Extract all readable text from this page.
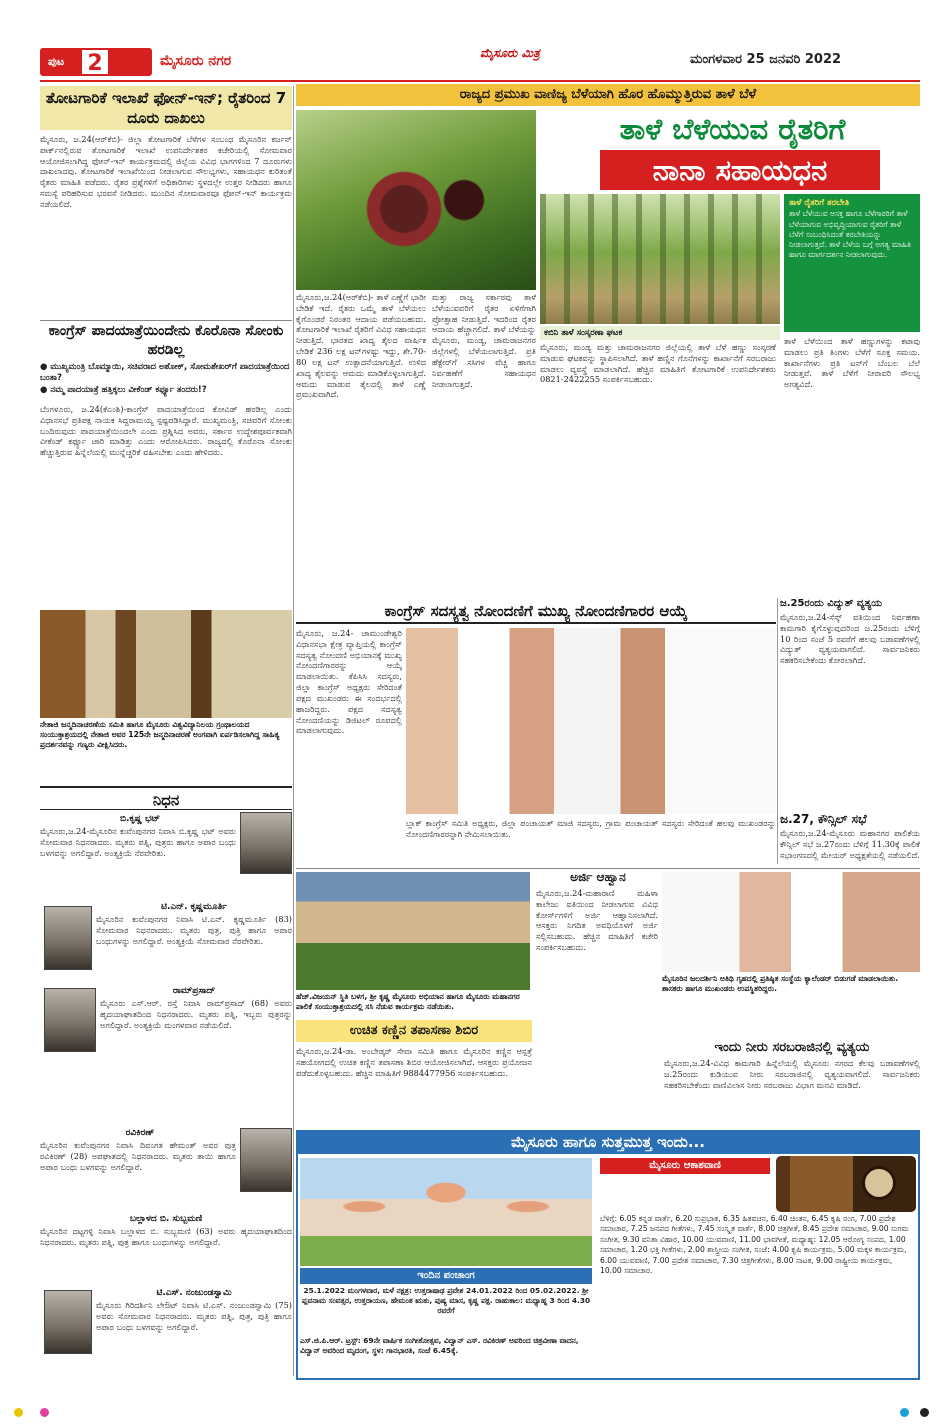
ಪುಟ	2	ಮೈಸೂರು ನಗರ	ಮೈಸೂರು ಮಿತ್ರ	ಮಂಗಳವಾರ 25 ಜನವರಿ 2022
ರಾಜ್ಯದ ಪ್ರಮುಖ ವಾಣಿಜ್ಯ ಬೆಳೆಯಾಗಿ ಹೊರ ಹೊಮ್ಮುತ್ತಿರುವ ತಾಳೆ ಬೆಳೆ
ತಾಳೆ ಬೆಳೆಯುವ ರೈತರಿಗೆ
ನಾನಾ ಸಹಾಯಧನ
ಕಬಿನಿ ತಾಳೆ ಸಂಸ್ಕರಣಾ ಘಟಕ
ತಾಳೆ ರೈತರಿಗೆ ತರಬೇತಿ
ತಾಳೆ ಬೆಳೆಯುವ ಆಸಕ್ತ ಹಾಗೂ ಬೆಳೆಗಾರರಿಗೆ ತಾಳೆ ಬೆಳೆಯಾಗುವ ಅಭಿವೃದ್ಧಿಯಾಗುವ ರೈತರಿಗೆ ತಾಳೆ ಬೆಳೆಗೆ ಸಂಬಂಧಿಸಿದಂತೆ ತರಬೇತಿಯನ್ನು ನೀಡಲಾಗುತ್ತದೆ. ತಾಳೆ ಬೆಳೆಯ ಬಗ್ಗೆ ಅಗತ್ಯ ಮಾಹಿತಿ ಹಾಗೂ ಮಾರ್ಗದರ್ಶನ ನೀಡಲಾಗುವುದು.
ಮೈಸೂರು,ಜ.24(ಆರ್‌ಕೆಬಿ)- ತಾಳೆ ಎಣ್ಣೆಗೆ ಭಾರೀ ಬೇಡಿಕೆ ಇದೆ. ರೈತರು ಒಮ್ಮೆ ತಾಳೆ ಬೆಳೆಯಲು ಕೈಗೊಂಡರೆ ನಿರಂತರ ಆದಾಯ ಪಡೆಯಬಹುದು. ತೋಟಗಾರಿಕೆ ಇಲಾಖೆ ರೈತರಿಗೆ ವಿವಿಧ ಸಹಾಯಧನ ನೀಡುತ್ತಿದೆ. ಭಾರತದ ಖಾದ್ಯ ತೈಲದ ವಾರ್ಷಿಕ ಬೇಡಿಕೆ 236 ಲಕ್ಷ ಟನ್‌ಗಳಷ್ಟು ಇದ್ದು, ಶೇ.70-80 ಲಕ್ಷ ಟನ್ ಉತ್ಪಾದನೆಯಾಗುತ್ತಿದೆ. ಉಳಿದ ಖಾದ್ಯ ತೈಲವನ್ನು ಆಮದು ಮಾಡಿಕೊಳ್ಳಲಾಗುತ್ತಿದೆ. ಆಮದು ಮಾಡುವ ತೈಲದಲ್ಲಿ ತಾಳೆ ಎಣ್ಣೆ ಪ್ರಮುಖವಾಗಿದೆ.
ಮತ್ತು ರಾಜ್ಯ ಸರ್ಕಾರವು ತಾಳೆ ಬೆಳೆಯುವವರಿಗೆ ರೈತರ ಏಳಿಗೆಗಾಗಿ ಪ್ರೋತ್ಸಾಹ ನೀಡುತ್ತಿದೆ. ಇದರಿಂದ ರೈತರ ಆದಾಯ ಹೆಚ್ಚಾಗಲಿದೆ. ತಾಳೆ ಬೆಳೆಯನ್ನು ಮೈಸೂರು, ಮಂಡ್ಯ, ಚಾಮರಾಜನಗರ ಜಿಲ್ಲೆಗಳಲ್ಲಿ ಬೆಳೆಯಲಾಗುತ್ತಿದೆ. ಪ್ರತಿ ಹೆಕ್ಟೇರ್‌ಗೆ ಸಸಿಗಳ ವೆಚ್ಚ ಹಾಗೂ ನಿರ್ವಹಣೆಗೆ ಸಹಾಯಧನ ನೀಡಲಾಗುತ್ತದೆ.
ಮೈಸೂರು, ಮಂಡ್ಯ ಮತ್ತು ಚಾಮರಾಜನಗರ ಜಿಲ್ಲೆಯಲ್ಲಿ ತಾಳೆ ಬೆಳೆ ಹಣ್ಣು ಸಂಸ್ಕರಣೆ ಮಾಡುವ ಘಟಕವನ್ನು ಸ್ಥಾಪಿಸಲಾಗಿದೆ. ತಾಳೆ ಹಣ್ಣಿನ ಗೊನೆಗಳನ್ನು ಕಾರ್ಖಾನೆಗೆ ಸರಬರಾಜು ಮಾಡಲು ವ್ಯವಸ್ಥೆ ಮಾಡಲಾಗಿದೆ. ಹೆಚ್ಚಿನ ಮಾಹಿತಿಗೆ ತೋಟಗಾರಿಕೆ ಉಪನಿರ್ದೇಶಕರು 0821-2422255 ಸಂಪರ್ಕಿಸಬಹುದು.
ತಾಳೆ ಬೆಳೆಯಿಂದ ತಾಳೆ ಹಣ್ಣುಗಳನ್ನು ಕಟಾವು ಮಾಡಲು ಪ್ರತಿ ತಿಂಗಳು ಬೆಳೆಗೆ ಸೂಕ್ತ ಸಮಯ. ಕಾರ್ಖಾನೆಗಳು ಪ್ರತಿ ಟನ್‌ಗೆ ಬೆಂಬಲ ಬೆಲೆ ನೀಡುತ್ತವೆ. ತಾಳೆ ಬೆಳೆಗೆ ನೀರಾವರಿ ಸೌಲಭ್ಯ ಅಗತ್ಯವಿದೆ.
ತೋಟಗಾರಿಕೆ ಇಲಾಖೆ ಫೋನ್-ಇನ್; ರೈತರಿಂದ 7 ದೂರು ದಾಖಲು
ಮೈಸೂರು, ಜ.24(ಆರ್‌ಕೆಬಿ)- ಜಿಲ್ಲಾ ತೋಟಗಾರಿಕೆ ಬೆಳೆಗಳ ಸಂಬಂಧ ಮೈಸೂರಿನ ಕರ್ಜನ್ ಪಾರ್ಕ್‌ನಲ್ಲಿರುವ ತೋಟಗಾರಿಕೆ ಇಲಾಖೆ ಉಪನಿರ್ದೇಶಕರ ಕಚೇರಿಯಲ್ಲಿ ಸೋಮವಾರ ಆಯೋಜಿಸಲಾಗಿದ್ದ ಫೋನ್-ಇನ್ ಕಾರ್ಯಕ್ರಮದಲ್ಲಿ ಜಿಲ್ಲೆಯ ವಿವಿಧ ಭಾಗಗಳಿಂದ 7 ದೂರುಗಳು ದಾಖಲಾದವು. ತೋಟಗಾರಿಕೆ ಇಲಾಖೆಯಿಂದ ನೀಡಲಾಗುವ ಸೌಲಭ್ಯಗಳು, ಸಹಾಯಧನ ಕುರಿತಂತೆ ರೈತರು ಮಾಹಿತಿ ಪಡೆದರು. ರೈತರ ಪ್ರಶ್ನೆಗಳಿಗೆ ಅಧಿಕಾರಿಗಳು ಸ್ಥಳದಲ್ಲೇ ಉತ್ತರ ನೀಡಿದರು ಹಾಗೂ ಸಮಸ್ಯೆ ಪರಿಹರಿಸುವ ಭರವಸೆ ನೀಡಿದರು. ಮುಂದಿನ ಸೋಮವಾರವೂ ಫೋನ್-ಇನ್ ಕಾರ್ಯಕ್ರಮ ನಡೆಯಲಿದೆ.
ಕಾಂಗ್ರೆಸ್ ಪಾದಯಾತ್ರೆಯಿಂದೇನು ಕೊರೊನಾ ಸೋಂಕು ಹರಡಿಲ್ಲ
● ಮುಖ್ಯಮಂತ್ರಿ ಬೊಮ್ಮಾಯಿ, ಸಚಿವರಾದ ಅಶೋಕ್, ಸೋಮಶೇಖರ್‌ಗೆ ಪಾದಯಾತ್ರೆಯಿಂದ ಬಂತಾ?
● ನಮ್ಮ ಪಾದಯಾತ್ರೆ ಹತ್ತಿಕ್ಕಲು ವೀಕೆಂಡ್ ಕರ್ಫ್ಯೂ ತಂದರು!?
ಬೆಂಗಳೂರು, ಜ.24(ಕೆಎಂಶಿ)-ಕಾಂಗ್ರೆಸ್ ಪಾದಯಾತ್ರೆಯಿಂದ ಕೋವಿಡ್ ಹರಡಿಲ್ಲ ಎಂದು ವಿಧಾನಸಭೆ ಪ್ರತಿಪಕ್ಷ ನಾಯಕ ಸಿದ್ದರಾಮಯ್ಯ ಸ್ಪಷ್ಟಪಡಿಸಿದ್ದಾರೆ. ಮುಖ್ಯಮಂತ್ರಿ, ಸಚಿವರಿಗೆ ಸೋಂಕು ಬಂದಿರುವುದು ಪಾದಯಾತ್ರೆಯಿಂದಲೇ ಎಂದು ಪ್ರಶ್ನಿಸಿದ ಅವರು, ಸರ್ಕಾರ ಉದ್ದೇಶಪೂರ್ವಕವಾಗಿ ವೀಕೆಂಡ್ ಕರ್ಫ್ಯೂ ಜಾರಿ ಮಾಡಿತ್ತು ಎಂದು ಆರೋಪಿಸಿದರು. ರಾಜ್ಯದಲ್ಲಿ ಕೊರೊನಾ ಸೋಂಕು ಹೆಚ್ಚುತ್ತಿರುವ ಹಿನ್ನೆಲೆಯಲ್ಲಿ ಮುನ್ನೆಚ್ಚರಿಕೆ ವಹಿಸಬೇಕು ಎಂದು ಹೇಳಿದರು.
ನೇತಾಜಿ ಜನ್ಮದಿನಾಚರಣೆಯ ಸಮಿತಿ ಹಾಗೂ ಮೈಸೂರು ವಿಶ್ವವಿದ್ಯಾನಿಲಯ ಗ್ರಂಥಾಲಯದ ಸಂಯುಕ್ತಾಶ್ರಯದಲ್ಲಿ ನೇತಾಜಿ ಅವರ 125ನೇ ಜನ್ಮದಿನಾಚರಣೆ ಅಂಗವಾಗಿ ಏರ್ಪಡಿಸಲಾಗಿದ್ದ ಸಾಹಿತ್ಯ ಪ್ರದರ್ಶನವನ್ನು ಗಣ್ಯರು ವೀಕ್ಷಿಸಿದರು.
ನಿಧನ
ಬಿ.ಕೃಷ್ಣ ಭಟ್
ಮೈಸೂರು,ಜ.24-ಮೈಸೂರಿನ ಕುವೆಂಪುನಗರ ನಿವಾಸಿ ಬಿ.ಕೃಷ್ಣ ಭಟ್ ಅವರು ಸೋಮವಾರ ನಿಧನರಾದರು. ಮೃತರು ಪತ್ನಿ, ಪುತ್ರರು ಹಾಗೂ ಅಪಾರ ಬಂಧು ಬಳಗವನ್ನು ಅಗಲಿದ್ದಾರೆ. ಅಂತ್ಯಕ್ರಿಯೆ ನೆರವೇರಿತು.
ಟಿ.ಎನ್. ಕೃಷ್ಣಮೂರ್ತಿ
ಮೈಸೂರಿನ ಕುವೆಂಪುನಗರ ನಿವಾಸಿ ಟಿ.ಎನ್. ಕೃಷ್ಣಮೂರ್ತಿ (83) ಸೋಮವಾರ ನಿಧನರಾದರು. ಮೃತರು ಪುತ್ರ, ಪುತ್ರಿ ಹಾಗೂ ಅಪಾರ ಬಂಧುಗಳನ್ನು ಅಗಲಿದ್ದಾರೆ. ಅಂತ್ಯಕ್ರಿಯೆ ಸೋಮವಾರ ನೆರವೇರಿತು.
ರಾಮ್‌ಪ್ರಸಾದ್
ಮೈಸೂರು ಎಸ್.ಆರ್. ರಸ್ತೆ ನಿವಾಸಿ ರಾಮ್‌ಪ್ರಸಾದ್ (68) ಅವರು ಹೃದಯಾಘಾತದಿಂದ ನಿಧನರಾದರು. ಮೃತರು ಪತ್ನಿ, ಇಬ್ಬರು ಪುತ್ರರನ್ನು ಅಗಲಿದ್ದಾರೆ. ಅಂತ್ಯಕ್ರಿಯೆ ಮಂಗಳವಾರ ನಡೆಯಲಿದೆ.
ರವಿಕಿರಣ್
ಮೈಸೂರಿನ ಕುವೆಂಪುನಗರ ನಿವಾಸಿ ದಿವಂಗತ ಹೇಮಂತ್ ಅವರ ಪುತ್ರ ರವಿಕಿರಣ್ (28) ಅಪಘಾತದಲ್ಲಿ ನಿಧನರಾದರು. ಮೃತರು ತಾಯಿ ಹಾಗೂ ಅಪಾರ ಬಂಧು ಬಳಗವನ್ನು ಅಗಲಿದ್ದಾರೆ.
ಬಲ್ಲಾಳದ ಬಿ. ಸುಬ್ಬಮಣಿ
ಮೈಸೂರಿನ ದಟ್ಟಗಳ್ಳಿ ನಿವಾಸಿ ಬಲ್ಲಾಳದ ಬಿ. ಸುಬ್ಬಮಣಿ (63) ಅವರು ಹೃದಯಾಘಾತದಿಂದ ನಿಧನರಾದರು. ಮೃತರು ಪತ್ನಿ, ಪುತ್ರ ಹಾಗೂ ಬಂಧುಗಳನ್ನು ಅಗಲಿದ್ದಾರೆ.
ಟಿ.ಎಸ್. ನಂಜುಂಡಸ್ವಾಮಿ
ಮೈಸೂರು ಗಿರಿದರ್ಶಿನಿ ಲೇಔಟ್ ನಿವಾಸಿ ಟಿ.ಎಸ್. ನಂಜುಂಡಸ್ವಾಮಿ (75) ಅವರು ಸೋಮವಾರ ನಿಧನರಾದರು. ಮೃತರು ಪತ್ನಿ, ಪುತ್ರ, ಪುತ್ರಿ ಹಾಗೂ ಅಪಾರ ಬಂಧು ಬಳಗವನ್ನು ಅಗಲಿದ್ದಾರೆ.
ಕಾಂಗ್ರೆಸ್ ಸದಸ್ಯತ್ವ ನೋಂದಣಿಗೆ ಮುಖ್ಯ ನೋಂದಣಿಗಾರರ ಆಯ್ಕೆ
ಮೈಸೂರು, ಜ.24- ಚಾಮುಂಡೇಶ್ವರಿ ವಿಧಾನಸಭಾ ಕ್ಷೇತ್ರ ವ್ಯಾಪ್ತಿಯಲ್ಲಿ ಕಾಂಗ್ರೆಸ್ ಸದಸ್ಯತ್ವ ನೋಂದಣಿ ಅಭಿಯಾನಕ್ಕೆ ಮುಖ್ಯ ನೋಂದಣಿಗಾರರನ್ನು ಆಯ್ಕೆ ಮಾಡಲಾಯಿತು. ಕೆಪಿಸಿಸಿ ಸದಸ್ಯರು, ಜಿಲ್ಲಾ ಕಾಂಗ್ರೆಸ್ ಅಧ್ಯಕ್ಷರು ಸೇರಿದಂತೆ ಪಕ್ಷದ ಮುಖಂಡರು ಈ ಸಂದರ್ಭದಲ್ಲಿ ಹಾಜರಿದ್ದರು. ಪಕ್ಷದ ಸದಸ್ಯತ್ವ ನೋಂದಣಿಯನ್ನು ಡಿಜಿಟಲ್ ರೂಪದಲ್ಲಿ ಮಾಡಲಾಗುವುದು.
ಬ್ಲಾಕ್ ಕಾಂಗ್ರೆಸ್ ಸಮಿತಿ ಅಧ್ಯಕ್ಷರು, ಜಿಲ್ಲಾ ಪಂಚಾಯತ್ ಮಾಜಿ ಸದಸ್ಯರು, ಗ್ರಾಮ ಪಂಚಾಯತ್ ಸದಸ್ಯರು ಸೇರಿದಂತೆ ಹಲವು ಮುಖಂಡರನ್ನು ನೋಂದಣಿಗಾರರನ್ನಾಗಿ ನೇಮಿಸಲಾಯಿತು.
ಜ.25ರಂದು ವಿದ್ಯುತ್ ವ್ಯತ್ಯಯ
ಮೈಸೂರು,ಜ.24-ಸೆಸ್ಕ್ ವತಿಯಿಂದ ನಿರ್ವಹಣಾ ಕಾಮಗಾರಿ ಕೈಗೊಳ್ಳುವುದರಿಂದ ಜ.25ರಂದು ಬೆಳಿಗ್ಗೆ 10 ರಿಂದ ಸಂಜೆ 5 ರವರೆಗೆ ಹಲವು ಬಡಾವಣೆಗಳಲ್ಲಿ ವಿದ್ಯುತ್ ವ್ಯತ್ಯಯವಾಗಲಿದೆ. ಸಾರ್ವಜನಿಕರು ಸಹಕರಿಸಬೇಕೆಂದು ಕೋರಲಾಗಿದೆ.
ಜ.27, ಕೌನ್ಸಿಲ್ ಸಭೆ
ಮೈಸೂರು,ಜ.24-ಮೈಸೂರು ಮಹಾನಗರ ಪಾಲಿಕೆಯ ಕೌನ್ಸಿಲ್ ಸಭೆ ಜ.27ರಂದು ಬೆಳಿಗ್ಗೆ 11.30ಕ್ಕೆ ಪಾಲಿಕೆ ಸಭಾಂಗಣದಲ್ಲಿ ಮೇಯರ್ ಅಧ್ಯಕ್ಷತೆಯಲ್ಲಿ ನಡೆಯಲಿದೆ.
ಹೆಚ್.ವಿಜಯನ್ ಸ್ಥಿತಿ ಬಳಗ, ಶ್ರೀ ಕೃಷ್ಣ ಮೈಸೂರು ಅಭಿಯಾನ ಹಾಗೂ ಮೈಸೂರು ಮಹಾನಗರ ಪಾಲಿಕೆ ಸಂಯುಕ್ತಾಶ್ರಯದಲ್ಲಿ ಸಸಿ ನೆಡುವ ಕಾರ್ಯಕ್ರಮ ನಡೆಯಿತು.
ಅರ್ಜಿ ಆಹ್ವಾನ
ಮೈಸೂರು,ಜ.24-ಮಹಾರಾಣಿ ಮಹಿಳಾ ಕಾಲೇಜು ವತಿಯಿಂದ ನೀಡಲಾಗುವ ವಿವಿಧ ಕೋರ್ಸ್‌ಗಳಿಗೆ ಅರ್ಜಿ ಆಹ್ವಾನಿಸಲಾಗಿದೆ. ಆಸಕ್ತರು ನಿಗದಿತ ಅವಧಿಯೊಳಗೆ ಅರ್ಜಿ ಸಲ್ಲಿಸಬಹುದು. ಹೆಚ್ಚಿನ ಮಾಹಿತಿಗೆ ಕಚೇರಿ ಸಂಪರ್ಕಿಸಬಹುದು.
ಮೈಸೂರಿನ ಜಲದರ್ಶಿನಿ ಅತಿಥಿ ಗೃಹದಲ್ಲಿ ಪ್ರತಿಷ್ಠಿತ ಸಂಸ್ಥೆಯ ಕ್ಯಾಲೆಂಡರ್ ಬಿಡುಗಡೆ ಮಾಡಲಾಯಿತು. ಶಾಸಕರು ಹಾಗೂ ಮುಖಂಡರು ಉಪಸ್ಥಿತರಿದ್ದರು.
ಉಚಿತ ಕಣ್ಣಿನ ತಪಾಸಣಾ ಶಿಬಿರ
ಮೈಸೂರು,ಜ.24-ಡಾ. ಅಂಬೇಡ್ಕರ್ ಸೇವಾ ಸಮಿತಿ ಹಾಗೂ ಮೈಸೂರಿನ ಕಣ್ಣಿನ ಆಸ್ಪತ್ರೆ ಸಹಯೋಗದಲ್ಲಿ ಉಚಿತ ಕಣ್ಣಿನ ತಪಾಸಣಾ ಶಿಬಿರ ಆಯೋಜಿಸಲಾಗಿದೆ. ಆಸಕ್ತರು ಪ್ರಯೋಜನ ಪಡೆದುಕೊಳ್ಳಬಹುದು. ಹೆಚ್ಚಿನ ಮಾಹಿತಿಗೆ 9884477956 ಸಂಪರ್ಕಿಸಬಹುದು.
ಇಂದು ನೀರು ಸರಬರಾಜಿನಲ್ಲಿ ವ್ಯತ್ಯಯ
ಮೈಸೂರು,ಜ.24-ವಿವಿಧ ಕಾಮಗಾರಿ ಹಿನ್ನೆಲೆಯಲ್ಲಿ ಮೈಸೂರು ನಗರದ ಕೆಲವು ಬಡಾವಣೆಗಳಲ್ಲಿ ಜ.25ರಂದು ಕುಡಿಯುವ ನೀರು ಸರಬರಾಜಿನಲ್ಲಿ ವ್ಯತ್ಯಯವಾಗಲಿದೆ. ಸಾರ್ವಜನಿಕರು ಸಹಕರಿಸಬೇಕೆಂದು ವಾಣಿವಿಲಾಸ ನೀರು ಸರಬರಾಜು ವಿಭಾಗ ಮನವಿ ಮಾಡಿದೆ.
ಮೈಸೂರು ಹಾಗೂ ಸುತ್ತಮುತ್ತ ಇಂದು...
ಇಂದಿನ ಪಂಚಾಂಗ
25.1.2022 ಮಂಗಳವಾರ, ಮಳೆ ನಕ್ಷತ್ರ: ಉತ್ತರಾಷಾಢ ಪ್ರವೇಶ 24.01.2022 ರಿಂದ 05.02.2022. ಶ್ರೀ ಪ್ಲವನಾಮ ಸಂವತ್ಸರ, ಉತ್ತರಾಯಣ, ಹೇಮಂತ ಋತು, ಪುಷ್ಯ ಮಾಸ, ಕೃಷ್ಣ ಪಕ್ಷ. ರಾಹುಕಾಲ: ಮಧ್ಯಾಹ್ನ 3 ರಿಂದ 4.30 ರವರೆಗೆ
ಎಸ್.ಜಿ.ಪಿ.ಆರ್. ಟ್ರಸ್ಟ್: 69ನೇ ವಾರ್ಷಿಕ ಸಂಗೀತೋತ್ಸವ, ವಿದ್ವಾನ್ ಎಸ್. ರವಿಕಿರಣ್ ಅವರಿಂದ ಚಿತ್ರವೀಣಾ ವಾದನ, ವಿದ್ವಾನ್ ಅವರಿಂದ ಮೃದಂಗ, ಸ್ಥಳ: ಗಾನಭಾರತಿ, ಸಂಜೆ 6.45ಕ್ಕೆ.
ಮೈಸೂರು ಆಕಾಶವಾಣಿ
ಬೆಳಿಗ್ಗೆ: 6.05 ಕನ್ನಡ ವಾರ್ತೆ, 6.20 ಸುಪ್ರಭಾತ, 6.35 ಹಿತವಚನ, 6.40 ಚಿಂತನ, 6.45 ಕೃಷಿ ರಂಗ, 7.00 ಪ್ರದೇಶ ಸಮಾಚಾರ, 7.25 ಜನಪದ ಗೀತೆಗಳು, 7.45 ಸಂಸ್ಕೃತ ವಾರ್ತೆ, 8.00 ಚಿತ್ರಗೀತೆ, 8.45 ಪ್ರದೇಶ ಸಮಾಚಾರ, 9.00 ಸುಗಮ ಸಂಗೀತ, 9.30 ವನಿತಾ ವಿಹಾರ, 10.00 ಯುವವಾಣಿ, 11.00 ಭಾವಗೀತೆ, ಮಧ್ಯಾಹ್ನ: 12.05 ಆರೋಗ್ಯ ಸಂಪದ, 1.00 ಸಮಾಚಾರ, 1.20 ಭಕ್ತಿ ಗೀತೆಗಳು, 2.00 ಶಾಸ್ತ್ರೀಯ ಸಂಗೀತ, ಸಂಜೆ: 4.00 ಕೃಷಿ ಕಾರ್ಯಕ್ರಮ, 5.00 ಮಕ್ಕಳ ಕಾರ್ಯಕ್ರಮ, 6.00 ಯುವವಾಣಿ, 7.00 ಪ್ರದೇಶ ಸಮಾಚಾರ, 7.30 ಚಿತ್ರಗೀತೆಗಳು, 8.00 ನಾಟಕ, 9.00 ರಾಷ್ಟ್ರೀಯ ಕಾರ್ಯಕ್ರಮ, 10.00 ಸಮಾಚಾರ.
